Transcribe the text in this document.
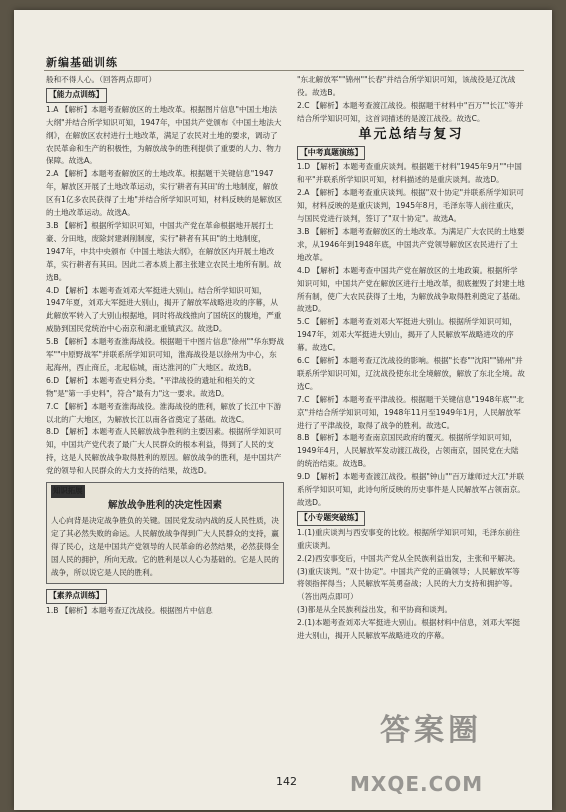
新编基础训练

般和不得人心。（回答两点即可）

【能力点训练】

1.A 【解析】本题考查解放区的土地改革。根据图片信息"中国土地法大纲"并结合所学知识可知，1947年，中国共产党颁布《中国土地法大纲》，在解放区农村进行土地改革，满足了农民对土地的要求，调动了农民革命和生产的积极性，为解放战争的胜利提供了重要的人力、物力保障。故选A。

2.A 【解析】本题考查解放区的土地改革。根据题干关键信息"1947年，解放区开展了土地改革运动，实行'耕者有其田'的土地制度，解放区有1亿多农民获得了土地"并结合所学知识可知，材料反映的是解放区的土地改革运动。故选A。

3.B 【解析】根据所学知识可知，中国共产党在革命根据地开展打土豪、分田地，废除封建剥削制度，实行"耕者有其田"的土地制度，1947年，中共中央颁布《中国土地法大纲》，在解放区内开展土地改革，实行耕者有其田。因此二者本质上都主张建立农民土地所有制。故选B。

4.D 【解析】本题考查刘邓大军挺进大别山。结合所学知识可知，1947年夏，刘邓大军挺进大别山，揭开了解放军战略进攻的序幕，从此解放军转入了大别山根据地，同时将战线推向了国统区的腹地，严重威胁到国民党统治中心南京和湖北重镇武汉。故选D。

5.B 【解析】本题考查淮海战役。根据题干中图片信息"徐州""华东野战军""中原野战军"并联系所学知识可知，淮海战役是以徐州为中心，东起海州，西止商丘，北起临城，南达淮河的广大地区。故选B。

6.D 【解析】本题考查史料分类。"平津战役的遗址和相关的文物"是"第一手史料"，符合"最有力"这一要求。故选D。

7.C 【解析】本题考查淮海战役。淮海战役的胜利，解放了长江中下游以北的广大地区，为解放长江以南各省奠定了基础。故选C。

8.D 【解析】本题考查人民解放战争胜利的主要因素。根据所学知识可知，中国共产党代表了最广大人民群众的根本利益，得到了人民的支持，这是人民解放战争取得胜利的原因。解放战争的胜利，是中国共产党的领导和人民群众的大力支持的结果，故选D。

知识拓展
解放战争胜利的决定性因素

人心向背是决定战争胜负的关键。国民党发动内战的反人民性质，决定了其必然失败的命运。人民解放战争得到广大人民群众的支持，赢得了民心，这是中国共产党领导的人民革命的必然结果，必然获得全国人民的拥护，所向无敌。它的胜利是以人心为基础的。它是人民的战争，所以说它是人民的胜利。

【素养点训练】

1.B 【解析】本题考查辽沈战役。根据图片中信息

"东北解放军""锦州""长春"并结合所学知识可知，该战役是辽沈战役。故选B。

2.C 【解析】本题考查渡江战役。根据题干材料中"百万""长江"等并结合所学知识可知，这首词描述的是渡江战役。故选C。

单元总结与复习
【中考真题演练】

1.D 【解析】本题考查重庆谈判。根据题干材料"1945年9月""中国和平"并联系所学知识可知，材料描述的是重庆谈判。故选D。

2.A 【解析】本题考查重庆谈判。根据"双十协定"并联系所学知识可知，材料反映的是重庆谈判，1945年8月，毛泽东等人前往重庆，与国民党进行谈判，签订了"双十协定"。故选A。

3.B 【解析】本题考查解放区的土地改革。为满足广大农民的土地要求，从1946年到1948年底，中国共产党领导解放区农民进行了土地改革。

4.D 【解析】本题考查中国共产党在解放区的土地政策。根据所学知识可知，中国共产党在解放区进行土地改革，彻底摧毁了封建土地所有制，使广大农民获得了土地，为解放战争取得胜利奠定了基础。故选D。

5.C 【解析】本题考查刘邓大军挺进大别山。根据所学知识可知，1947年，刘邓大军挺进大别山，揭开了人民解放军战略进攻的序幕。故选C。

6.C 【解析】本题考查辽沈战役的影响。根据"长春""沈阳""锦州"并联系所学知识可知，辽沈战役使东北全境解放，解放了东北全境。故选C。

7.C 【解析】本题考查平津战役。根据题干关键信息"1948年底""北京"并结合所学知识可知，1948年11月至1949年1月，人民解放军进行了平津战役，取得了战争的胜利。故选C。

8.B 【解析】本题考查南京国民政府的覆灭。根据所学知识可知，1949年4月，人民解放军发动渡江战役，占领南京，国民党在大陆的统治结束。故选B。

9.D 【解析】本题考查渡江战役。根据"钟山""百万雄师过大江"并联系所学知识可知，此诗句所反映的历史事件是人民解放军占领南京。故选D。

【小专题突破练】

1.(1)重庆谈判与西安事变的比较。根据所学知识可知，毛泽东前往重庆谈判。

2.(2)西安事变后，中国共产党从全民族利益出发，主张和平解决。

(3)重庆谈判。"双十协定"。中国共产党的正确领导；人民解放军等将领指挥得当；人民解放军英勇奋战；人民的大力支持和拥护等。（答出两点即可）

(3)都是从全民族利益出发，和平协商和谈判。

2.(1)本题考查刘邓大军挺进大别山。根据材料中信息，刘邓大军挺进大别山，揭开人民解放军战略进攻的序幕。

142
答案圈
MXQE.COM
